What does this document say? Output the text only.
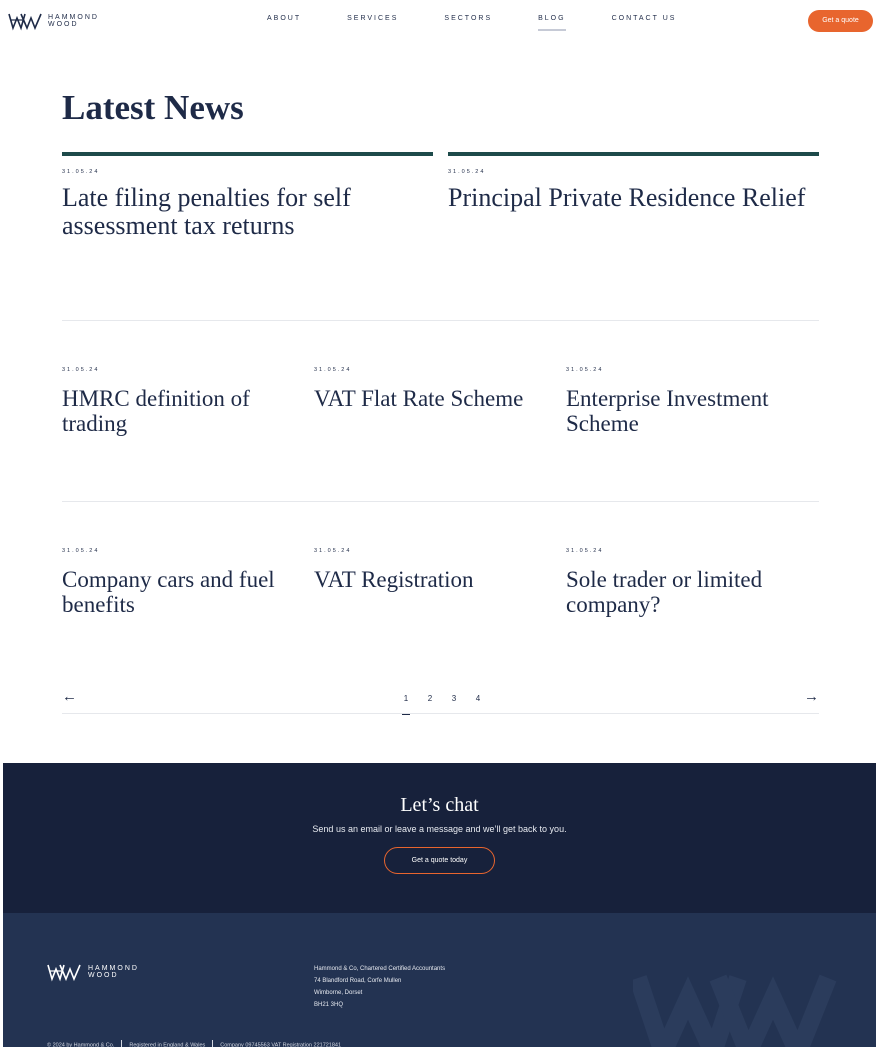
HAMMOND
WOOD
ABOUT	SERVICES	SECTORS	BLOG	CONTACT US	Get a quote
Latest News
31.05.24
Late filing penalties for self assessment tax returns
31.05.24
Principal Private Residence Relief
31.05.24
HMRC definition of trading
31.05.24
VAT Flat Rate Scheme
31.05.24
Enterprise Investment Scheme
31.05.24
Company cars and fuel benefits
31.05.24
VAT Registration
31.05.24
Sole trader or limited company?
←	1 2 3 4	→
Let’s chat
Send us an email or leave a message and we’ll get back to you.
Get a quote today
HAMMOND
WOOD
Hammond & Co, Chartered Certified Accountants
74 Blandford Road, Corfe Mullen
Wimborne, Dorset
BH21 3HQ
© 2024 by Hammond & Co.	Registered in England & Wales	Company 09745563 VAT Registration 221721841
